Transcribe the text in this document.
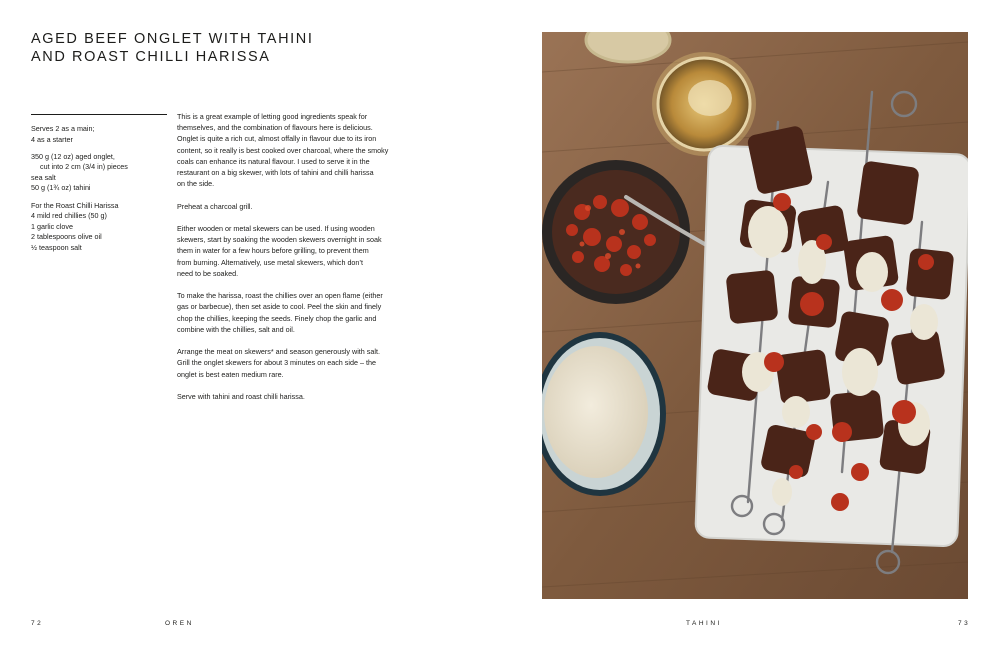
AGED BEEF ONGLET WITH TAHINI
AND ROAST CHILLI HARISSA
Serves 2 as a main;
4 as a starter
350 g (12 oz) aged onglet,
cut into 2 cm (3/4 in) pieces
sea salt
50 g (1¾ oz) tahini
For the Roast Chilli Harissa
4 mild red chillies (50 g)
1 garlic clove
2 tablespoons olive oil
½ teaspoon salt

This is a great example of letting good ingredients speak for
themselves, and the combination of flavours here is delicious.
Onglet is quite a rich cut, almost offally in flavour due to its iron
content, so it really is best cooked over charcoal, where the smoky
coals can enhance its natural flavour. I used to serve it in the
restaurant on a big skewer, with lots of tahini and chilli harissa
on the side.

Preheat a charcoal grill.

Either wooden or metal skewers can be used. If using wooden
skewers, start by soaking the wooden skewers overnight in soak
them in water for a few hours before grilling, to prevent them
from burning. Alternatively, use metal skewers, which don’t
need to be soaked.

To make the harissa, roast the chillies over an open flame (either
gas or barbecue), then set aside to cool. Peel the skin and finely
chop the chillies, keeping the seeds. Finely chop the garlic and
combine with the chillies, salt and oil.

Arrange the meat on skewers* and season generously with salt.
Grill the onglet skewers for about 3 minutes on each side – the
onglet is best eaten medium rare.

Serve with tahini and roast chilli harissa.

72	OREN	TAHINI	73
